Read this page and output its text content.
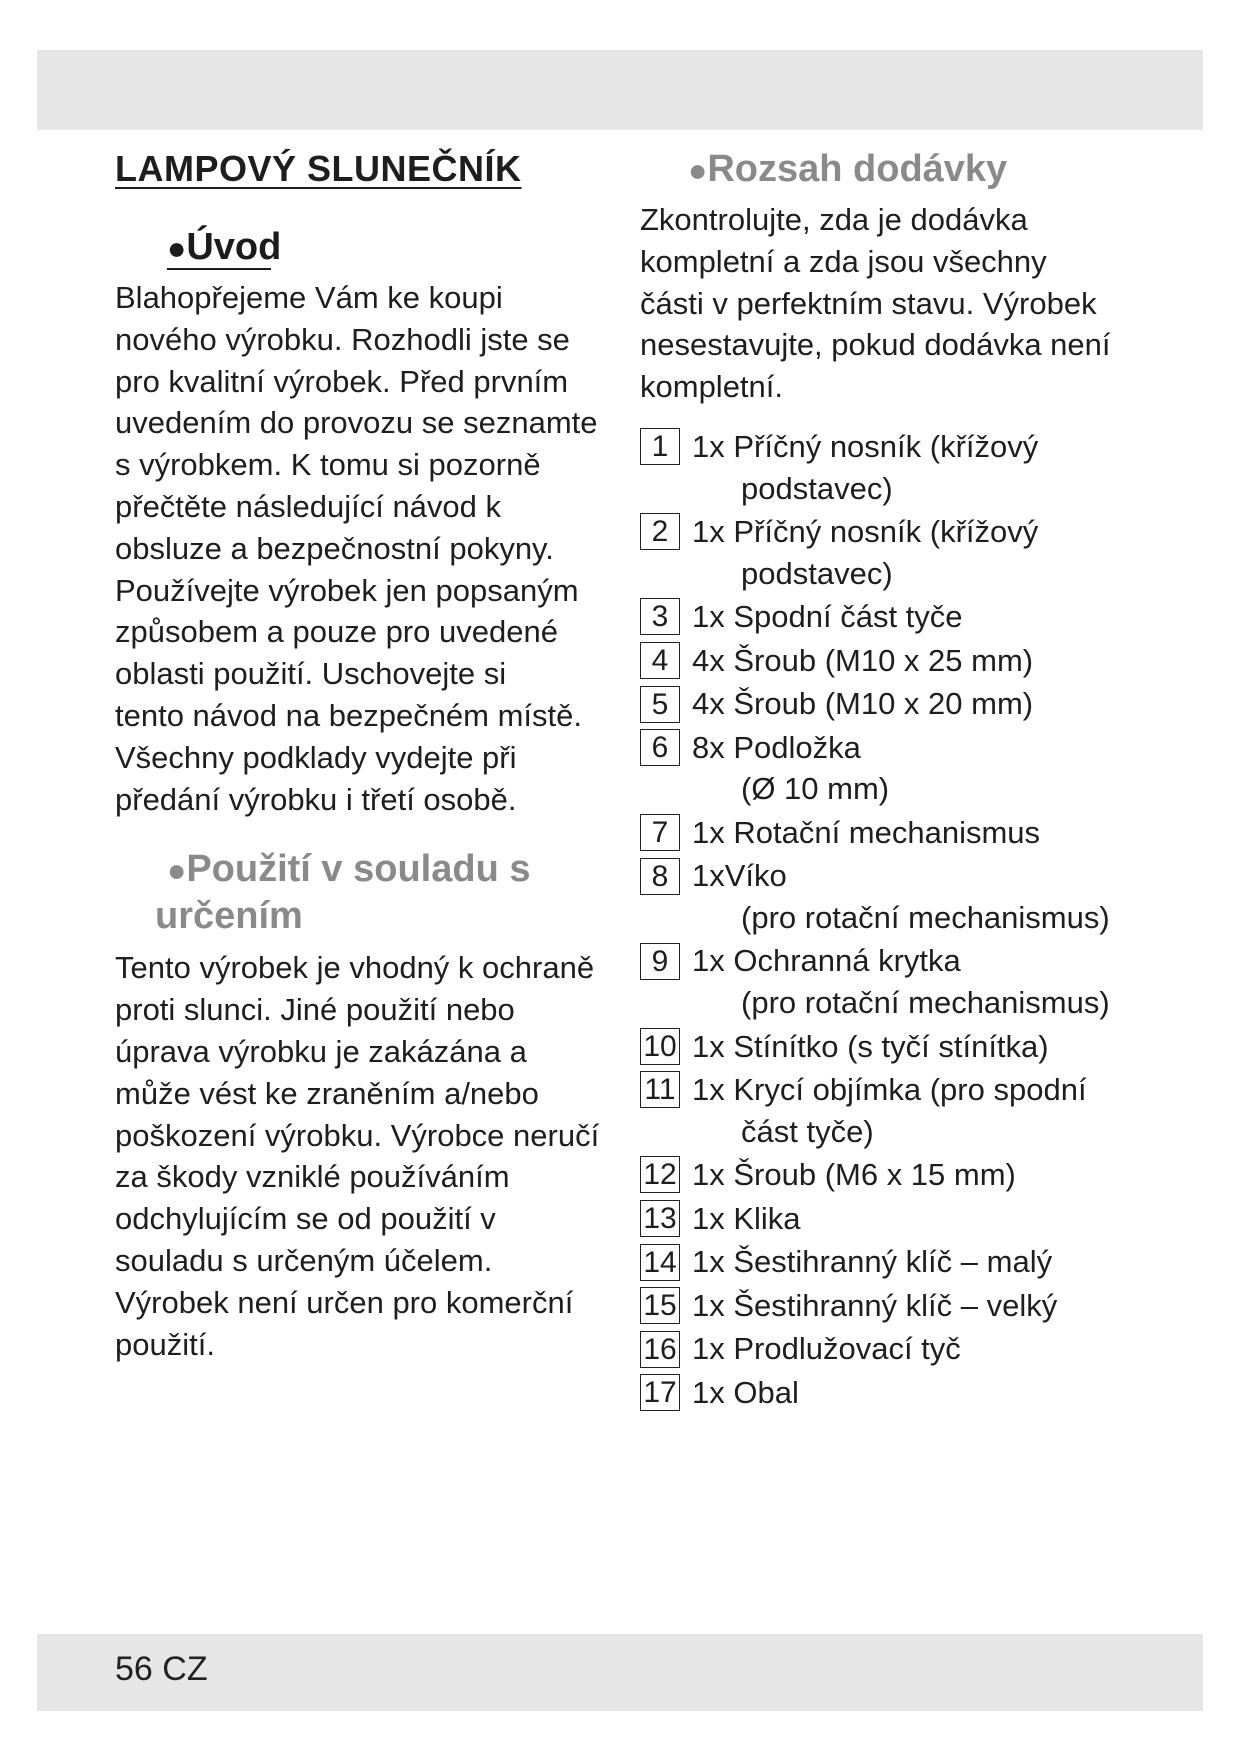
LAMPOVÝ SLUNEČNÍK
●Úvod
Blahopřejeme Vám ke koupi
nového výrobku. Rozhodli jste se
pro kvalitní výrobek. Před prvním
uvedením do provozu se seznamte
s výrobkem. K tomu si pozorně
přečtěte následující návod k
obsluze a bezpečnostní pokyny.
Používejte výrobek jen popsaným
způsobem a pouze pro uvedené
oblasti použití. Uschovejte si
tento návod na bezpečném místě.
Všechny podklady vydejte při
předání výrobku i třetí osobě.
●Použití v souladu s
určením
Tento výrobek je vhodný k ochraně
proti slunci. Jiné použití nebo
úprava výrobku je zakázána a
může vést ke zraněním a/nebo
poškození výrobku. Výrobce neručí
za škody vzniklé používáním
odchylujícím se od použití v
souladu s určeným účelem.
Výrobek není určen pro komerční
použití.
●Rozsah dodávky
Zkontrolujte, zda je dodávka
kompletní a zda jsou všechny
části v perfektním stavu. Výrobek
nesestavujte, pokud dodávka není
kompletní.
1 1x Příčný nosník (křížový
podstavec)
2 1x Příčný nosník (křížový
podstavec)
3 1x Spodní část tyče
4 4x Šroub (M10 x 25 mm)
5 4x Šroub (M10 x 20 mm)
6 8x Podložka
(Ø 10 mm)
7 1x Rotační mechanismus
8 1xVíko
(pro rotační mechanismus)
9 1x Ochranná krytka
(pro rotační mechanismus)
10 1x Stínítko (s tyčí stínítka)
11 1x Krycí objímka (pro spodní
část tyče)
12 1x Šroub (M6 x 15 mm)
13 1x Klika
14 1x Šestihranný klíč – malý
15 1x Šestihranný klíč – velký
16 1x Prodlužovací tyč
17 1x Obal
56 CZ
